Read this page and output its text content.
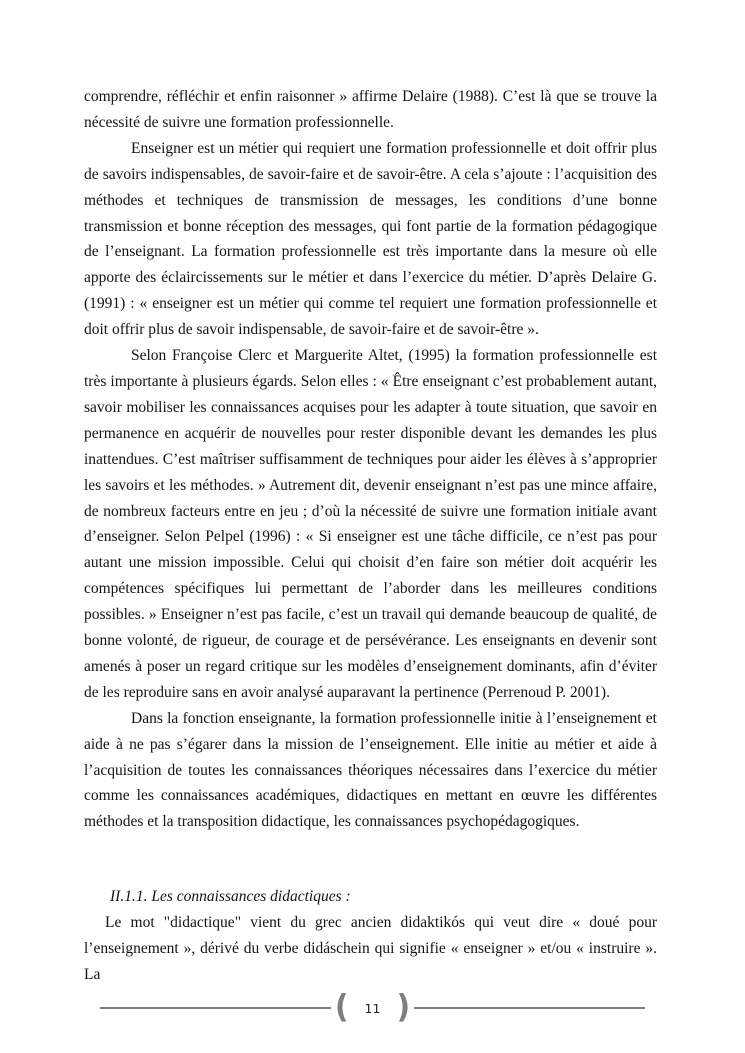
comprendre, réfléchir et enfin raisonner » affirme Delaire (1988). C’est là que se trouve la nécessité de suivre une formation professionnelle.

Enseigner est un métier qui requiert une formation professionnelle et doit offrir plus de savoirs indispensables, de savoir-faire et de savoir-être. A cela s’ajoute : l’acquisition des méthodes et techniques de transmission de messages, les conditions d’une bonne transmission et bonne réception des messages, qui font partie de la formation pédagogique de l’enseignant. La formation professionnelle est très importante dans la mesure où elle apporte des éclaircissements sur le métier et dans l’exercice du métier. D’après Delaire G. (1991) : « enseigner est un métier qui comme tel requiert une formation professionnelle et doit offrir plus de savoir indispensable, de savoir-faire et de savoir-être ».

Selon Françoise Clerc et Marguerite Altet, (1995) la formation professionnelle est très importante à plusieurs égards. Selon elles : « Être enseignant c’est probablement autant, savoir mobiliser les connaissances acquises pour les adapter à toute situation, que savoir en permanence en acquérir de nouvelles pour rester disponible devant les demandes les plus inattendues. C’est maîtriser suffisamment de techniques pour aider les élèves à s’approprier les savoirs et les méthodes. » Autrement dit, devenir enseignant n’est pas une mince affaire, de nombreux facteurs entre en jeu ; d’où la nécessité de suivre une formation initiale avant d’enseigner. Selon Pelpel (1996) : « Si enseigner est une tâche difficile, ce n’est pas pour autant une mission impossible. Celui qui choisit d’en faire son métier doit acquérir les compétences spécifiques lui permettant de l’aborder dans les meilleures conditions possibles. » Enseigner n’est pas facile, c’est un travail qui demande beaucoup de qualité, de bonne volonté, de rigueur, de courage et de persévérance. Les enseignants en devenir sont amenés à poser un regard critique sur les modèles d’enseignement dominants, afin d’éviter de les reproduire sans en avoir analysé auparavant la pertinence (Perrenoud P. 2001).

Dans la fonction enseignante, la formation professionnelle initie à l’enseignement et aide à ne pas s’égarer dans la mission de l’enseignement. Elle initie au métier et aide à l’acquisition de toutes les connaissances théoriques nécessaires dans l’exercice du métier comme les connaissances académiques, didactiques en mettant en œuvre les différentes méthodes et la transposition didactique, les connaissances psychopédagogiques.

II.1.1. Les connaissances didactiques :

Le mot "didactique" vient du grec ancien didaktikós qui veut dire « doué pour l’enseignement », dérivé du verbe didáschein qui signifie « enseigner » et/ou « instruire ». La

( 11 )
